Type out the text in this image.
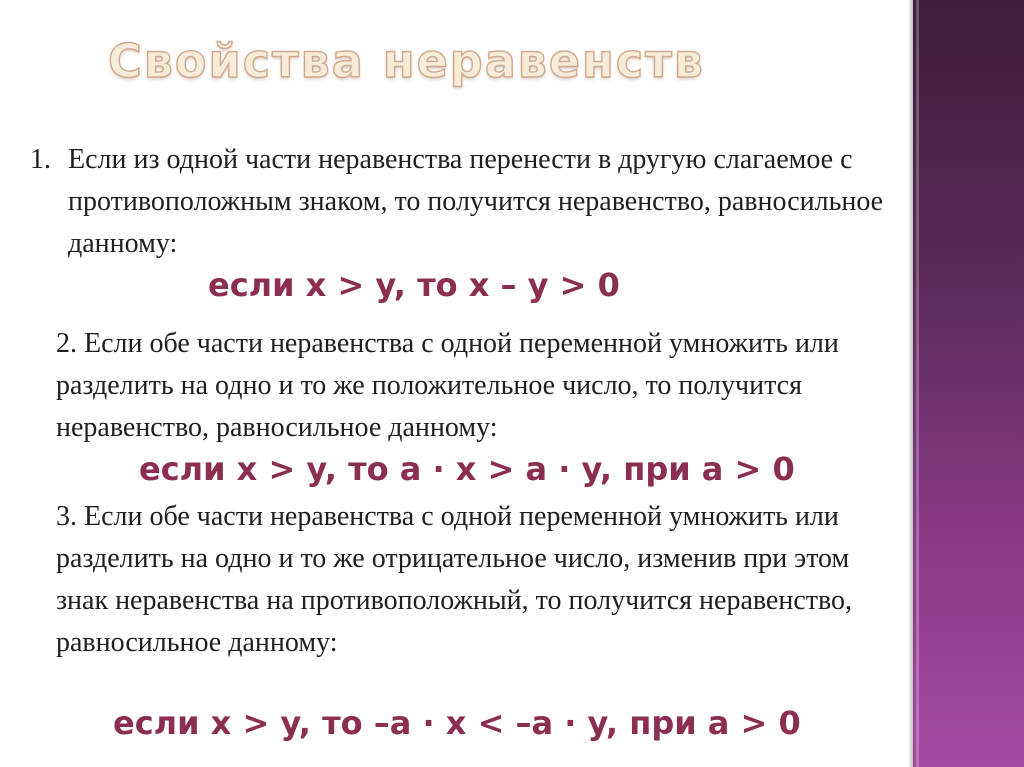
Свойства неравенств
1. Если из одной части неравенства перенести в другую слагаемое с противоположным знаком, то получится неравенство, равносильное данному:
если x > y, то x – y > 0
2. Если обе части неравенства с одной переменной умножить или разделить на одно и то же положительное число, то получится неравенство, равносильное данному:
если x > y, то a · x > a · y, при a > 0
3. Если обе части неравенства с одной переменной умножить или разделить на одно и то же отрицательное число, изменив при этом знак неравенства на противоположный, то получится неравенство, равносильное данному:
если x > y, то –a · x < –a · y, при a > 0
